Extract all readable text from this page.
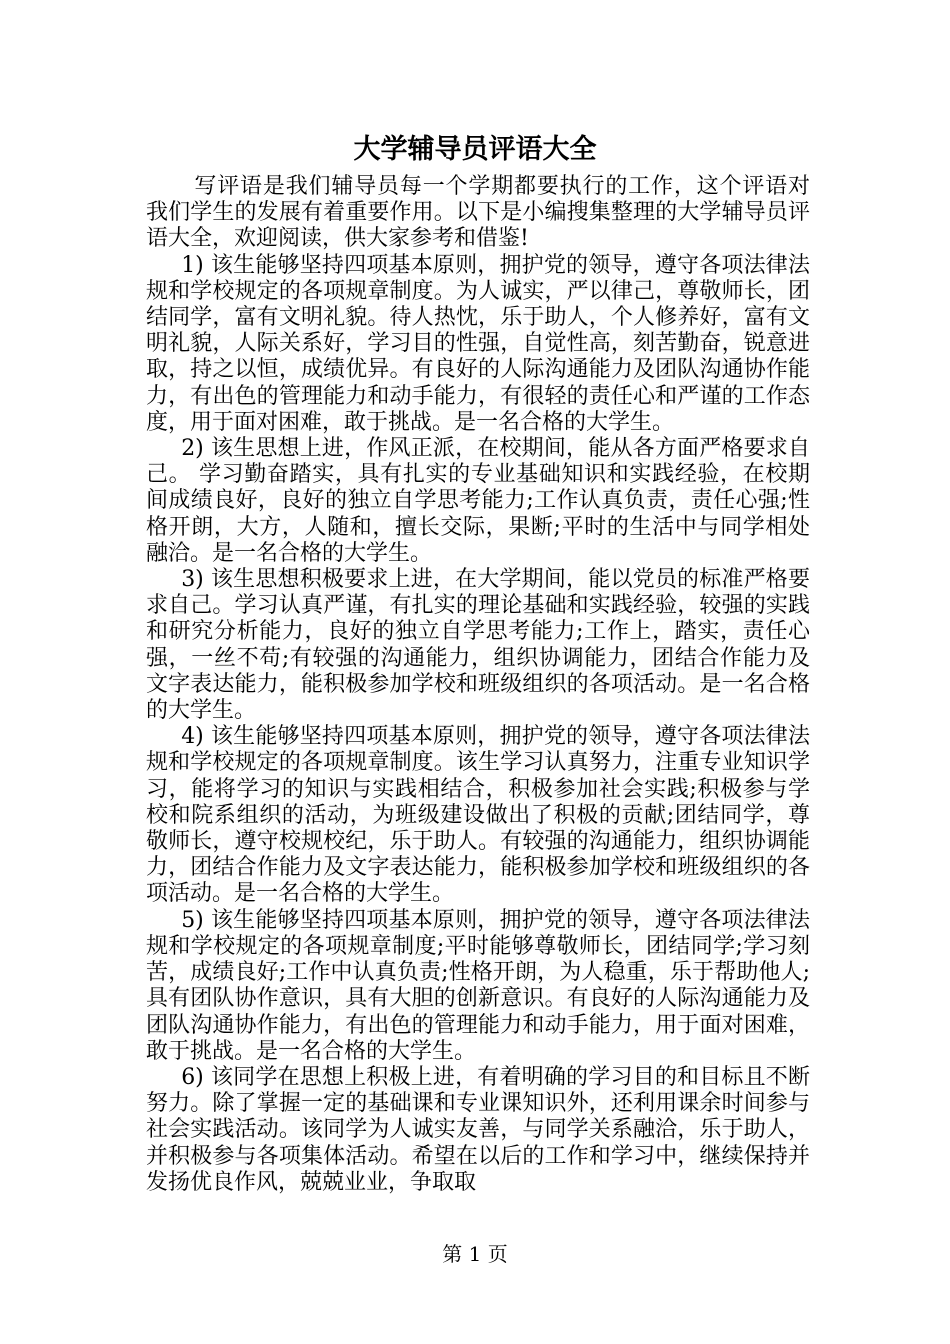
大学辅导员评语大全

写评语是我们辅导员每一个学期都要执行的工作，这个评语对我们学生的发展有着重要作用。以下是小编搜集整理的大学辅导员评语大全，欢迎阅读，供大家参考和借鉴!

1) 该生能够坚持四项基本原则，拥护党的领导，遵守各项法律法规和学校规定的各项规章制度。为人诚实，严以律己，尊敬师长，团结同学，富有文明礼貌。待人热忱，乐于助人，个人修养好，富有文明礼貌，人际关系好，学习目的性强，自觉性高，刻苦勤奋，锐意进取，持之以恒，成绩优异。有良好的人际沟通能力及团队沟通协作能力，有出色的管理能力和动手能力，有很轻的责任心和严谨的工作态度，用于面对困难，敢于挑战。是一名合格的大学生。

2) 该生思想上进，作风正派，在校期间，能从各方面严格要求自己。 学习勤奋踏实，具有扎实的专业基础知识和实践经验，在校期间成绩良好，良好的独立自学思考能力;工作认真负责，责任心强;性格开朗，大方，人随和，擅长交际，果断;平时的生活中与同学相处融洽。是一名合格的大学生。

3) 该生思想积极要求上进，在大学期间，能以党员的标准严格要求自己。学习认真严谨，有扎实的理论基础和实践经验，较强的实践和研究分析能力，良好的独立自学思考能力;工作上，踏实，责任心强，一丝不苟;有较强的沟通能力，组织协调能力，团结合作能力及文字表达能力，能积极参加学校和班级组织的各项活动。是一名合格的大学生。

4) 该生能够坚持四项基本原则，拥护党的领导，遵守各项法律法规和学校规定的各项规章制度。该生学习认真努力，注重专业知识学习，能将学习的知识与实践相结合，积极参加社会实践;积极参与学校和院系组织的活动，为班级建设做出了积极的贡献;团结同学，尊敬师长，遵守校规校纪，乐于助人。有较强的沟通能力，组织协调能力，团结合作能力及文字表达能力，能积极参加学校和班级组织的各项活动。是一名合格的大学生。

5) 该生能够坚持四项基本原则，拥护党的领导，遵守各项法律法规和学校规定的各项规章制度;平时能够尊敬师长，团结同学;学习刻苦，成绩良好;工作中认真负责;性格开朗，为人稳重，乐于帮助他人;具有团队协作意识，具有大胆的创新意识。有良好的人际沟通能力及团队沟通协作能力，有出色的管理能力和动手能力，用于面对困难，敢于挑战。是一名合格的大学生。

6) 该同学在思想上积极上进，有着明确的学习目的和目标且不断努力。除了掌握一定的基础课和专业课知识外，还利用课余时间参与社会实践活动。该同学为人诚实友善，与同学关系融洽，乐于助人，并积极参与各项集体活动。希望在以后的工作和学习中，继续保持并发扬优良作风，兢兢业业，争取取

第 1 页
